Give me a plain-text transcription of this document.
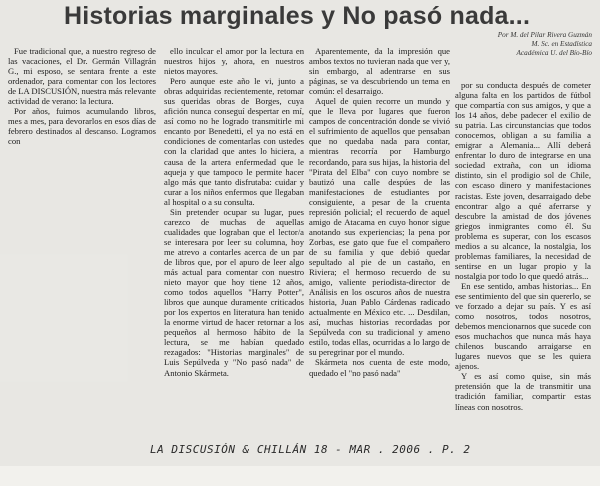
Historias marginales y No pasó nada...
Por M. del Pilar Rivera Guzmán
M. Sc. en Estadística
Académica U. del Bío-Bío

Fue tradicional que, a nuestro regreso de las vacaciones, el Dr. Germán Villagrán G., mi esposo, se sentara frente a este ordenador, para comentar con los lectores de LA DISCUSIÓN, nuestra más relevante actividad de verano: la lectura.

Por años, fuimos acumulando libros, mes a mes, para devorarlos en esos días de febrero destinados al descanso. Logramos con

ello inculcar el amor por la lectura en nuestros hijos y, ahora, en nuestros nietos mayores.

Pero aunque este año le vi, junto a obras adquiridas recientemente, retomar sus queridas obras de Borges, cuya afición nunca conseguí despertar en mí, así como no he logrado transmitirle mi encanto por Benedetti, el ya no está en condiciones de comentarlas con ustedes con la claridad que antes lo hiciera, a causa de la artera enfermedad que le aqueja y que tampoco le permite hacer algo más que tanto disfrutaba: cuidar y curar a los niños enfermos que llegaban al hospital o a su consulta.

Sin pretender ocupar su lugar, pues carezco de muchas de aquellas cualidades que lograban que el lector/a se interesara por leer su columna, hoy me atrevo a contarles acerca de un par de libros que, por el apuro de leer algo más actual para comentar con nuestro nieto mayor que hoy tiene 12 años, como todos aquellos "Harry Potter", libros que aunque duramente criticados por los expertos en literatura han tenido la enorme virtud de hacer retornar a los pequeños al hermoso hábito de la lectura, se me habían quedado rezagados: "Historias marginales" de Luis Sepúlveda y "No pasó nada" de Antonio Skármeta.

Aparentemente, da la impresión que ambos textos no tuvieran nada que ver y, sin embargo, al adentrarse en sus páginas, se va descubriendo un tema en común: el desarraigo.

Aquel de quien recorre un mundo y que le lleva por lugares que fueron campos de concentración donde se vivió el sufrimiento de aquellos que pensaban que no quedaba nada para contar, mientras recorría por Hamburgo recordando, para sus hijas, la historia del "Pirata del Elba" con cuyo nombre se bautizó una calle despúes de las manifestaciones de estudiantes por consiguiente, a pesar de la cruenta represión policial; el recuerdo de aquel amigo de Atacama en cuyo honor sigue anotando sus experiencias; la pena por Zorbas, ese gato que fue el compañero de su familia y que debió quedar sepultado al pie de un castaño, en Riviera; el hermoso recuerdo de su amigo, valiente periodista-director de Análisis en los oscuros años de nuestra historia, Juan Pablo Cárdenas radicado actualmente en México etc. ... Desdilan, así, muchas historias recordadas por Sepúlveda con su tradicional y ameno estilo, todas ellas, ocurridas a lo largo de su peregrinar por el mundo.

Skármeta nos cuenta de este modo, quedado el "no pasó nada"

por su conducta después de cometer alguna falta en los partidos de fútbol que compartía con sus amigos, y que a los 14 años, debe padecer el exilio de su patria. Las circunstancias que todos conocemos, obligan a su familia a emigrar a Alemania... Allí deberá enfrentar lo duro de integrarse en una sociedad extraña, con un idioma distinto, sin el prodigio sol de Chile, con escaso dinero y manifestaciones racistas. Este joven, desarraigado debe encontrar algo a qué aferrarse y descubre la amistad de dos jóvenes griegos inmigrantes como él. Su problema es superar, con los escasos medios a su alcance, la nostalgia, los problemas familiares, la necesidad de sentirse en un lugar propio y la nostalgia por todo lo que quedó atrás...

En ese sentido, ambas historias... En ese sentimiento del que sin quererlo, se ve forzado a dejar su país. Y es así como nosotros, todos nosotros, debemos mencionarnos que sucede con esos muchachos que nunca más haya chilenos buscando arraigarse en lugares nuevos que se les quiera ajenos.

Y es así como quise, sin más pretensión que la de transmitir una tradición familiar, compartir estas líneas con nosotros.

LA DISCUSIÓN & CHILLÁN 18 - MAR . 2006 . P. 2
